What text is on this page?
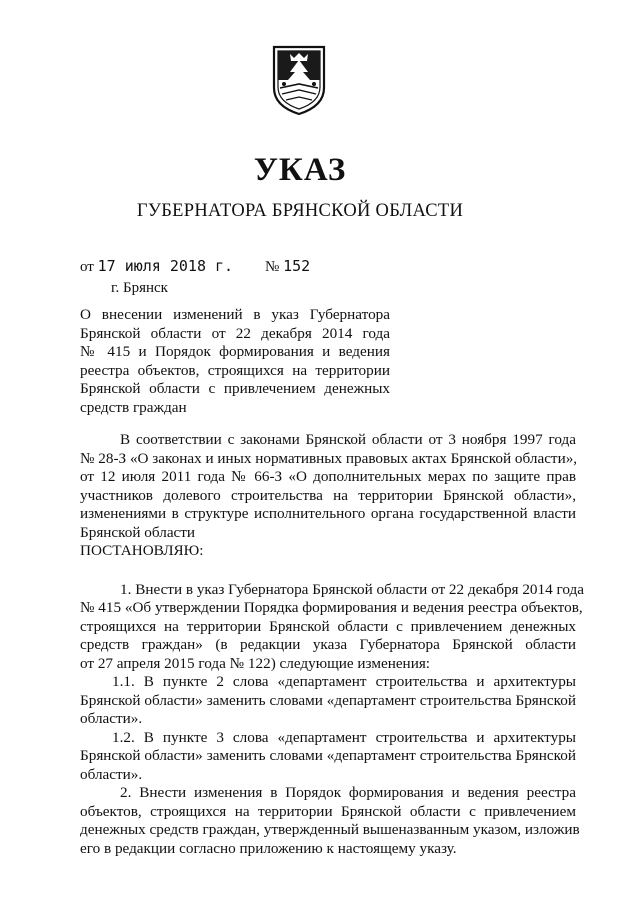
УКАЗ
ГУБЕРНАТОРА БРЯНСКОЙ ОБЛАСТИ
от 17 июля 2018 г. № 152
г. Брянск
О внесении изменений в указ Губернатора
Брянской области от 22 декабря 2014 года
№ 415 и Порядок формирования и ведения
реестра объектов, строящихся на территории
Брянской области с привлечением денежных
средств граждан
В соответствии с законами Брянской области от 3 ноября 1997 года
№ 28-З «О законах и иных нормативных правовых актах Брянской области»,
от 12 июля 2011 года № 66-З «О дополнительных мерах по защите прав
участников долевого строительства на территории Брянской области»,
изменениями в структуре исполнительного органа государственной власти
Брянской области
ПОСТАНОВЛЯЮ:
1. Внести в указ Губернатора Брянской области от 22 декабря 2014 года
№ 415 «Об утверждении Порядка формирования и ведения реестра объектов,
строящихся на территории Брянской области с привлечением денежных
средств граждан» (в редакции указа Губернатора Брянской области
от 27 апреля 2015 года № 122) следующие изменения:
1.1. В пункте 2 слова «департамент строительства и архитектуры
Брянской области» заменить словами «департамент строительства Брянской
области».
1.2. В пункте 3 слова «департамент строительства и архитектуры
Брянской области» заменить словами «департамент строительства Брянской
области».
2. Внести изменения в Порядок формирования и ведения реестра
объектов, строящихся на территории Брянской области с привлечением
денежных средств граждан, утвержденный вышеназванным указом, изложив
его в редакции согласно приложению к настоящему указу.
